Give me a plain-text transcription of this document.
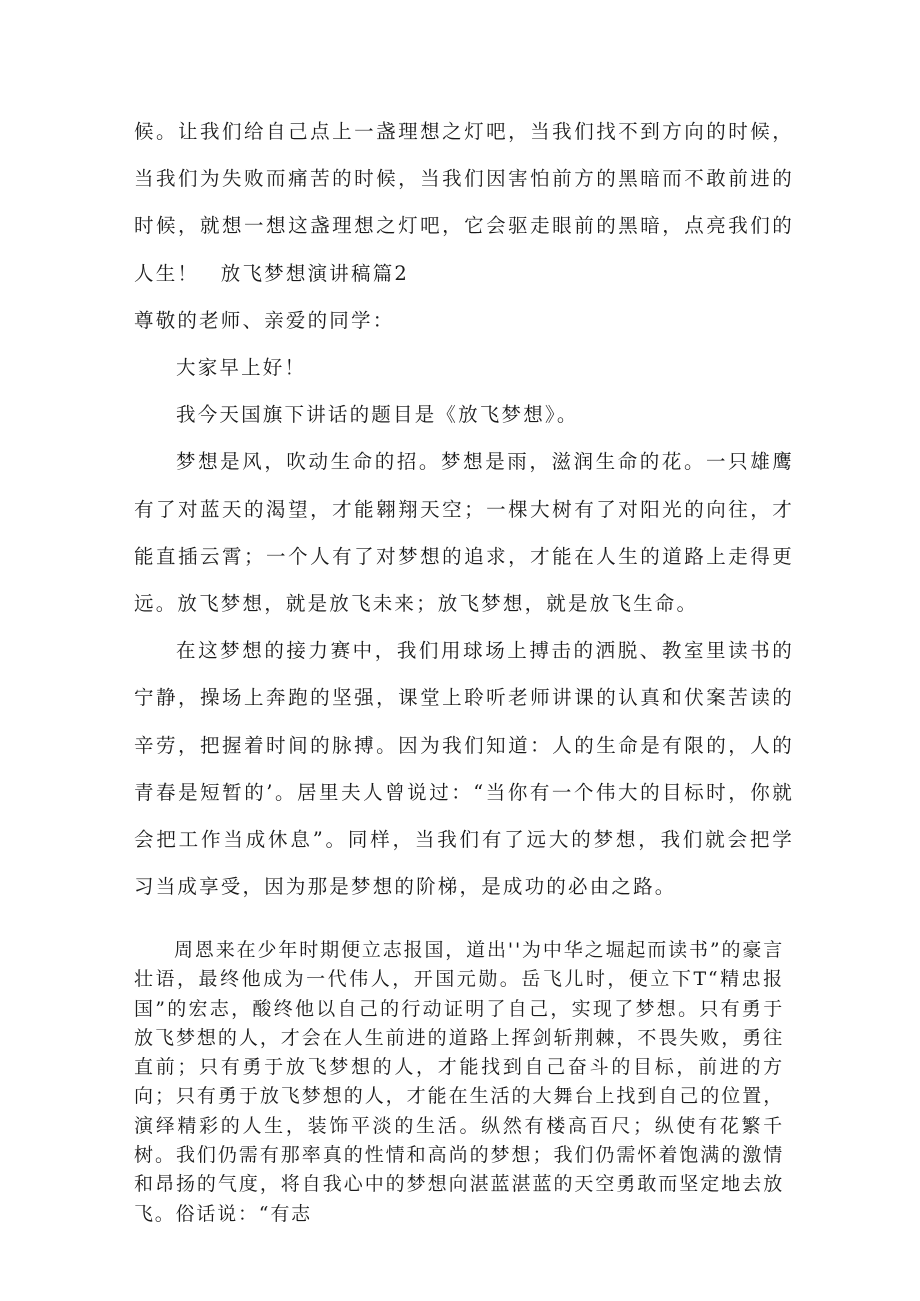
候。让我们给自己点上一盏理想之灯吧，当我们找不到方向的时候，当我们为失败而痛苦的时候，当我们因害怕前方的黑暗而不敢前进的时候，就想一想这盏理想之灯吧，它会驱走眼前的黑暗，点亮我们的人生！　放飞梦想演讲稿篇2

尊敬的老师、亲爱的同学：

大家早上好！

我今天国旗下讲话的题目是《放飞梦想》。

梦想是风，吹动生命的招。梦想是雨，滋润生命的花。一只雄鹰有了对蓝天的渴望，才能翱翔天空；一棵大树有了对阳光的向往，才能直插云霄；一个人有了对梦想的追求，才能在人生的道路上走得更远。放飞梦想，就是放飞未来；放飞梦想，就是放飞生命。

在这梦想的接力赛中，我们用球场上搏击的洒脱、教室里读书的宁静，操场上奔跑的坚强，课堂上聆听老师讲课的认真和伏案苦读的辛劳，把握着时间的脉搏。因为我们知道：人的生命是有限的，人的青春是短暂的’。居里夫人曾说过：“当你有一个伟大的目标时，你就会把工作当成休息”。同样，当我们有了远大的梦想，我们就会把学习当成享受，因为那是梦想的阶梯，是成功的必由之路。

周恩来在少年时期便立志报国，道出''为中华之堀起而读书”的豪言壮语，最终他成为一代伟人，开国元勋。岳飞儿时，便立下T“精忠报国”的宏志，酸终他以自己的行动证明了自己，实现了梦想。只有勇于放飞梦想的人，才会在人生前进的道路上挥剑斩荆棘，不畏失败，勇往直前；只有勇于放飞梦想的人，才能找到自己奋斗的目标，前进的方向；只有勇于放飞梦想的人，才能在生活的大舞台上找到自己的位置，演绎精彩的人生，装饰平淡的生活。纵然有楼高百尺；纵使有花繁千树。我们仍需有那率真的性情和高尚的梦想；我们仍需怀着饱满的激情和昂扬的气度，将自我心中的梦想向湛蓝湛蓝的天空勇敢而坚定地去放飞。俗话说：“有志
